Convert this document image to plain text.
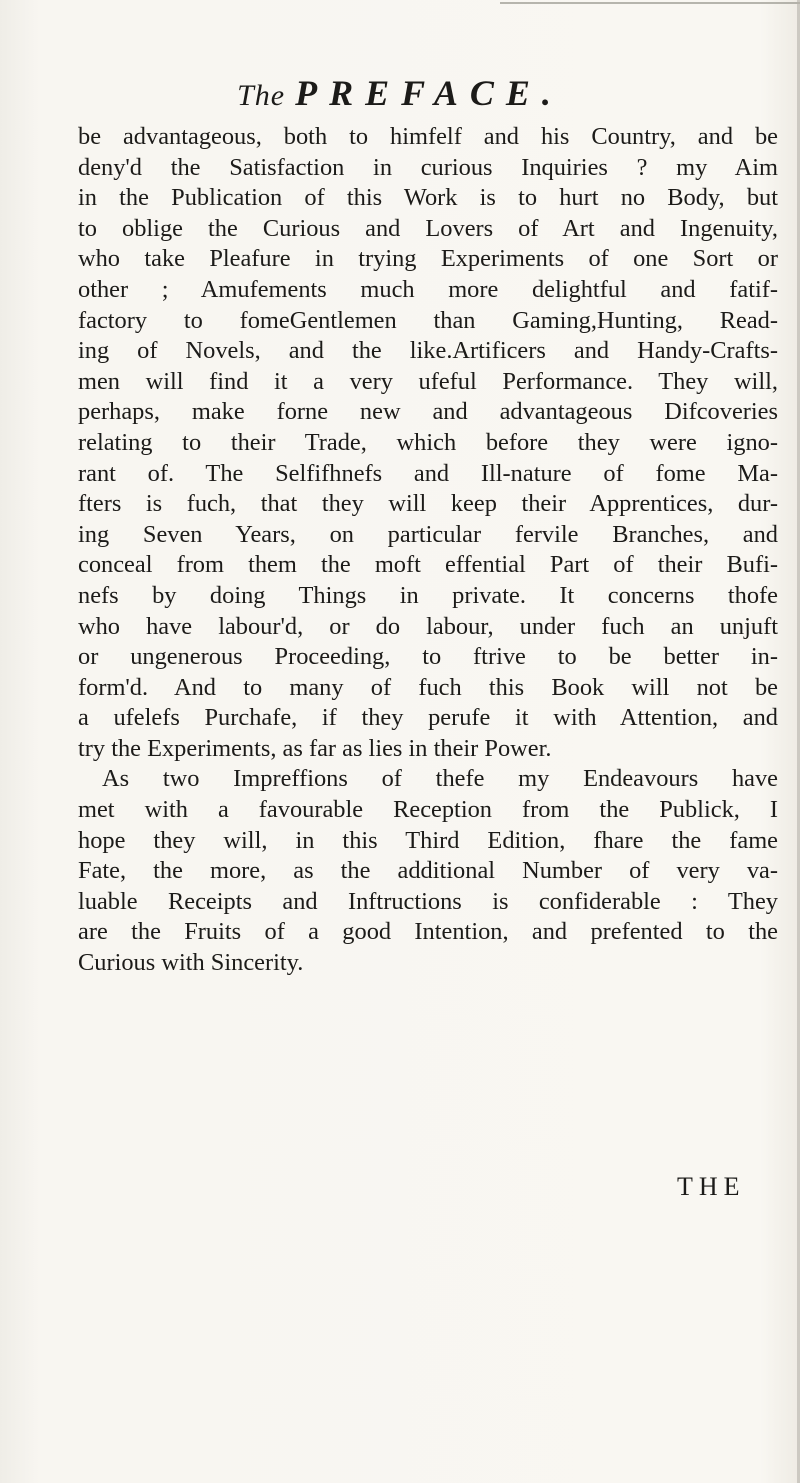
The PREFACE.
be advantageous, both to himfelf and his Country, and be
deny'd the Satisfaction in curious Inquiries ? my Aim
in the Publication of this Work is to hurt no Body, but
to oblige the Curious and Lovers of Art and Ingenuity,
who take Pleafure in trying Experiments of one Sort or
other ; Amufements much more delightful and fatif-
factory to fomeGentlemen than Gaming,Hunting, Read-
ing of Novels, and the like.Artificers and Handy-Crafts-
men will find it a very ufeful Performance. They will,
perhaps, make forne new and advantageous Difcoveries
relating to their Trade, which before they were igno-
rant of. The Selfifhnefs and Ill-nature of fome Ma-
fters is fuch, that they will keep their Apprentices, dur-
ing Seven Years, on particular fervile Branches, and
conceal from them the moft effential Part of their Bufi-
nefs by doing Things in private. It concerns thofe
who have labour'd, or do labour, under fuch an unjuft
or ungenerous Proceeding, to ftrive to be better in-
form'd. And to many of fuch this Book will not be
a ufelefs Purchafe, if they perufe it with Attention, and
try the Experiments, as far as lies in their Power.
As two Impreffions of thefe my Endeavours have
met with a favourable Reception from the Publick, I
hope they will, in this Third Edition, fhare the fame
Fate, the more, as the additional Number of very va-
luable Receipts and Inftructions is confiderable : They
are the Fruits of a good Intention, and prefented to the
Curious with Sincerity.
THE
